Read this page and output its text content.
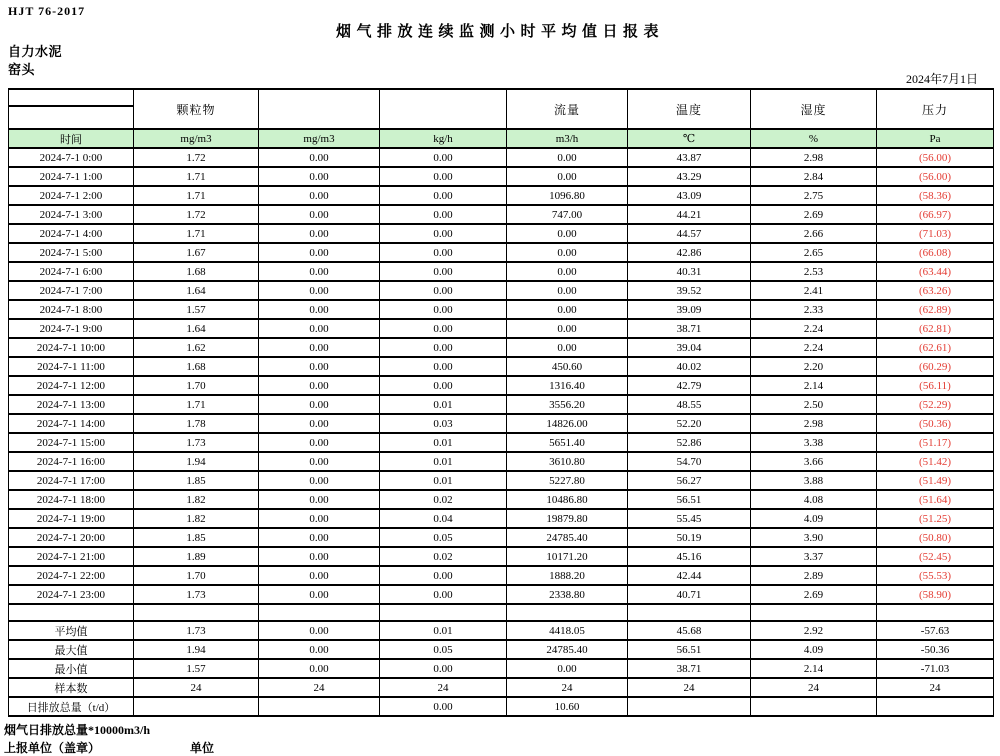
HJT 76-2017
烟气排放连续监测小时平均值日报表
自力水泥
窑头
2024年7月1日
	颗粒物			流量	温度	湿度	压力

时间	mg/m3	mg/m3	kg/h	m3/h	℃	%	Pa
2024-7-1 0:00	1.72	0.00	0.00	0.00	43.87	2.98	(56.00)
2024-7-1 1:00	1.71	0.00	0.00	0.00	43.29	2.84	(56.00)
2024-7-1 2:00	1.71	0.00	0.00	1096.80	43.09	2.75	(58.36)
2024-7-1 3:00	1.72	0.00	0.00	747.00	44.21	2.69	(66.97)
2024-7-1 4:00	1.71	0.00	0.00	0.00	44.57	2.66	(71.03)
2024-7-1 5:00	1.67	0.00	0.00	0.00	42.86	2.65	(66.08)
2024-7-1 6:00	1.68	0.00	0.00	0.00	40.31	2.53	(63.44)
2024-7-1 7:00	1.64	0.00	0.00	0.00	39.52	2.41	(63.26)
2024-7-1 8:00	1.57	0.00	0.00	0.00	39.09	2.33	(62.89)
2024-7-1 9:00	1.64	0.00	0.00	0.00	38.71	2.24	(62.81)
2024-7-1 10:00	1.62	0.00	0.00	0.00	39.04	2.24	(62.61)
2024-7-1 11:00	1.68	0.00	0.00	450.60	40.02	2.20	(60.29)
2024-7-1 12:00	1.70	0.00	0.00	1316.40	42.79	2.14	(56.11)
2024-7-1 13:00	1.71	0.00	0.01	3556.20	48.55	2.50	(52.29)
2024-7-1 14:00	1.78	0.00	0.03	14826.00	52.20	2.98	(50.36)
2024-7-1 15:00	1.73	0.00	0.01	5651.40	52.86	3.38	(51.17)
2024-7-1 16:00	1.94	0.00	0.01	3610.80	54.70	3.66	(51.42)
2024-7-1 17:00	1.85	0.00	0.01	5227.80	56.27	3.88	(51.49)
2024-7-1 18:00	1.82	0.00	0.02	10486.80	56.51	4.08	(51.64)
2024-7-1 19:00	1.82	0.00	0.04	19879.80	55.45	4.09	(51.25)
2024-7-1 20:00	1.85	0.00	0.05	24785.40	50.19	3.90	(50.80)
2024-7-1 21:00	1.89	0.00	0.02	10171.20	45.16	3.37	(52.45)
2024-7-1 22:00	1.70	0.00	0.00	1888.20	42.44	2.89	(55.53)
2024-7-1 23:00	1.73	0.00	0.00	2338.80	40.71	2.69	(58.90)

平均值	1.73	0.00	0.01	4418.05	45.68	2.92	-57.63
最大值	1.94	0.00	0.05	24785.40	56.51	4.09	-50.36
最小值	1.57	0.00	0.00	0.00	38.71	2.14	-71.03
样本数	24	24	24	24	24	24	24
日排放总量（t/d）			0.00	10.60			
烟气日排放总量*10000m3/h
上报单位（盖章）	单位
